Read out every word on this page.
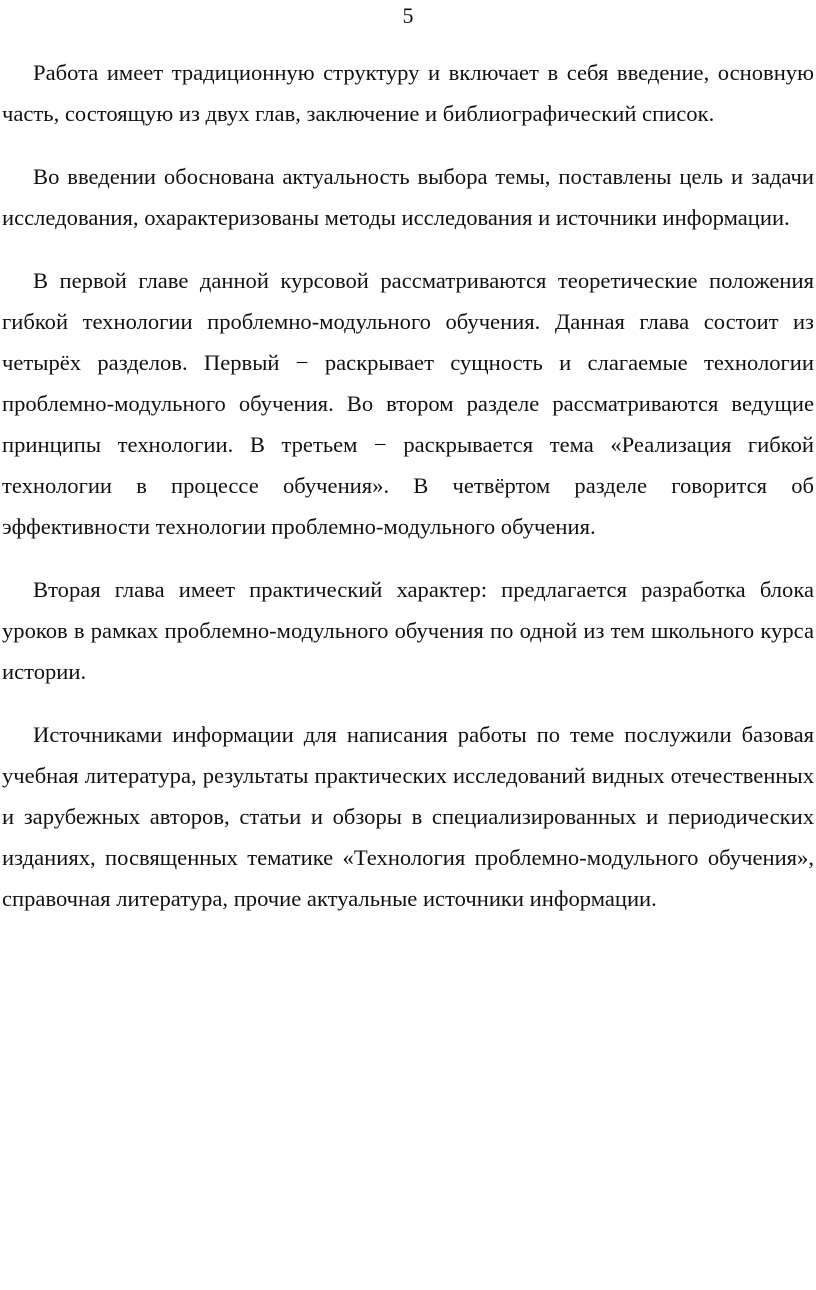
5

Работа имеет традиционную структуру и включает в себя введение, основную часть, состоящую из двух глав, заключение и библиографический список.

Во введении обоснована актуальность выбора темы, поставлены цель и задачи исследования, охарактеризованы методы исследования и источники информации.

В первой главе данной курсовой рассматриваются теоретические положения гибкой технологии проблемно-модульного обучения. Данная глава состоит из четырёх разделов. Первый − раскрывает сущность и слагаемые технологии проблемно-модульного обучения. Во втором разделе рассматриваются ведущие принципы технологии. В третьем − раскрывается тема «Реализация гибкой технологии в процессе обучения». В четвёртом разделе говорится об эффективности технологии проблемно-модульного обучения.

Вторая глава имеет практический характер: предлагается разработка блока уроков в рамках проблемно-модульного обучения по одной из тем школьного курса истории.

Источниками информации для написания работы по теме послужили базовая учебная литература, результаты практических исследований видных отечественных и зарубежных авторов, статьи и обзоры в специализированных и периодических изданиях, посвященных тематике «Технология проблемно-модульного обучения», справочная литература, прочие актуальные источники информации.
